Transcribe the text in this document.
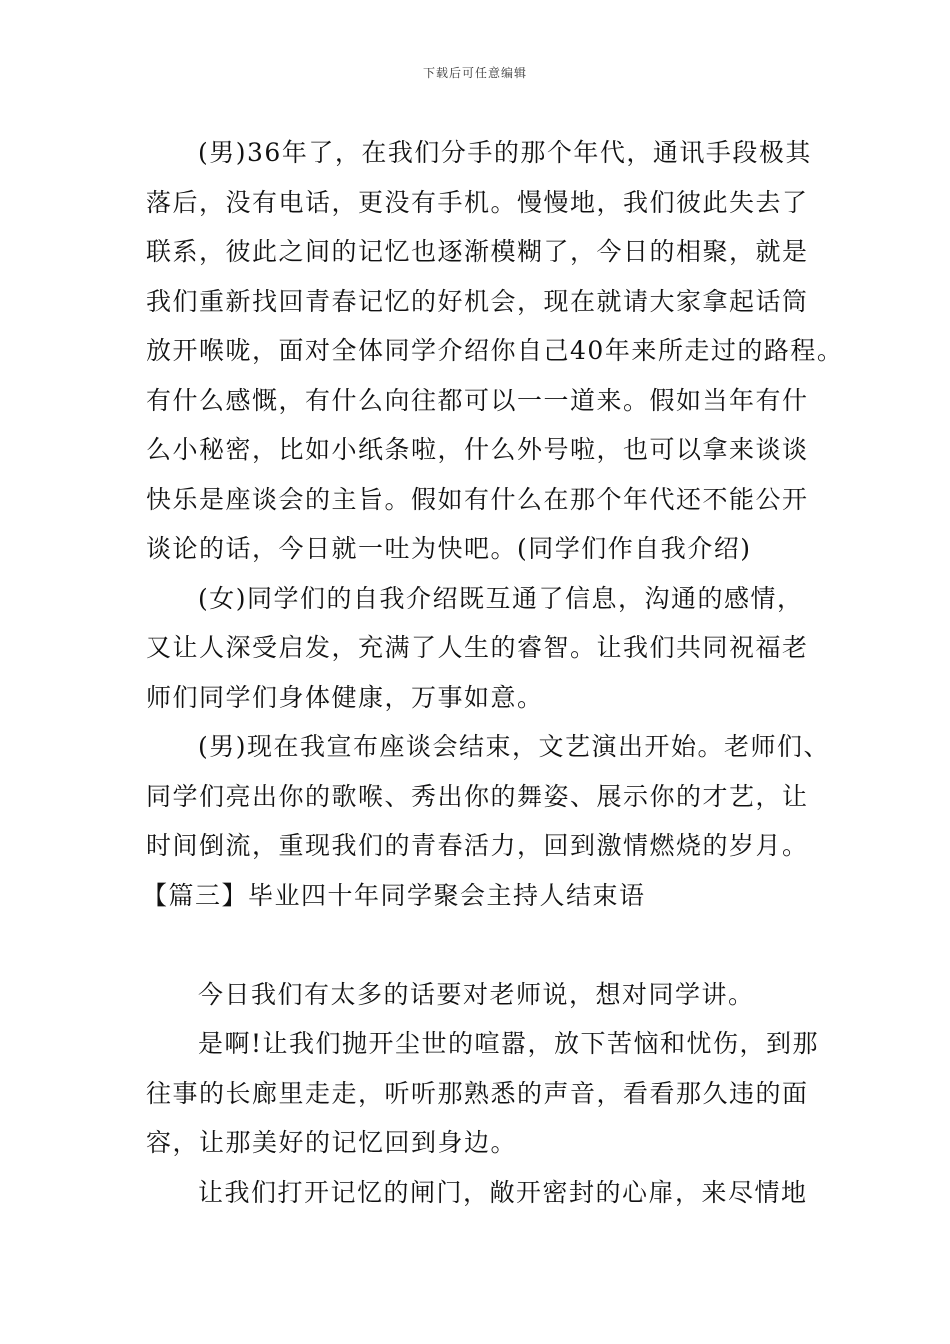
下载后可任意编辑
(男)36年了，在我们分手的那个年代，通讯手段极其
落后，没有电话，更没有手机。慢慢地，我们彼此失去了
联系，彼此之间的记忆也逐渐模糊了，今日的相聚，就是
我们重新找回青春记忆的好机会，现在就请大家拿起话筒
放开喉咙，面对全体同学介绍你自己40年来所走过的路程。
有什么感慨，有什么向往都可以一一道来。假如当年有什
么小秘密，比如小纸条啦，什么外号啦，也可以拿来谈谈
快乐是座谈会的主旨。假如有什么在那个年代还不能公开
谈论的话，今日就一吐为快吧。(同学们作自我介绍)
(女)同学们的自我介绍既互通了信息，沟通的感情，
又让人深受启发，充满了人生的睿智。让我们共同祝福老
师们同学们身体健康，万事如意。
(男)现在我宣布座谈会结束，文艺演出开始。老师们、
同学们亮出你的歌喉、秀出你的舞姿、展示你的才艺，让
时间倒流，重现我们的青春活力，回到激情燃烧的岁月。
【篇三】毕业四十年同学聚会主持人结束语
今日我们有太多的话要对老师说，想对同学讲。
是啊!让我们抛开尘世的喧嚣，放下苦恼和忧伤，到那
往事的长廊里走走，听听那熟悉的声音，看看那久违的面
容，让那美好的记忆回到身边。
让我们打开记忆的闸门，敞开密封的心扉，来尽情地
